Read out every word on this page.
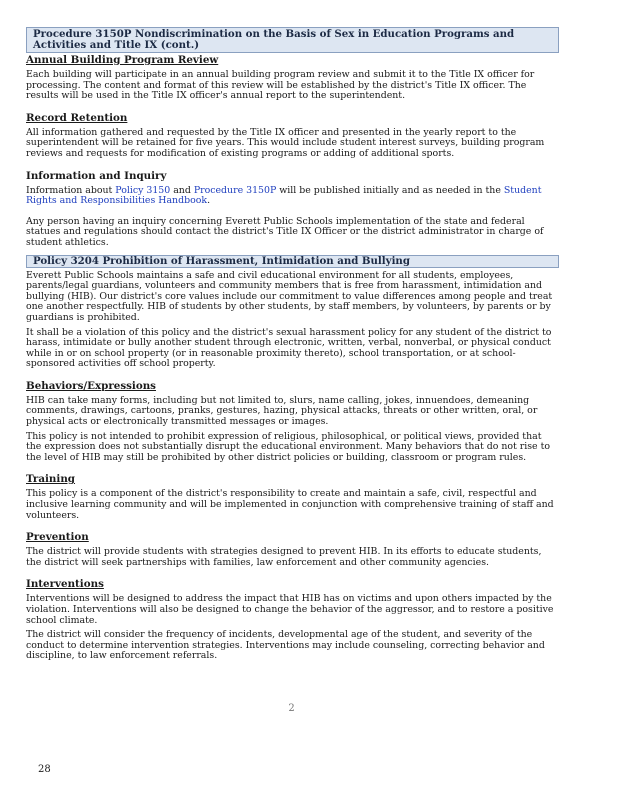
Procedure 3150P Nondiscrimination on the Basis of Sex in Education Programs and Activities and Title IX (cont.)
Annual Building Program Review

Each building will participate in an annual building program review and submit it to the Title IX officer for processing. The content and format of this review will be established by the district's Title IX officer. The results will be used in the Title IX officer's annual report to the superintendent.

Record Retention

All information gathered and requested by the Title IX officer and presented in the yearly report to the superintendent will be retained for five years. This would include student interest surveys, building program reviews and requests for modification of existing programs or adding of additional sports.

Information and Inquiry

Information about Policy 3150 and Procedure 3150P will be published initially and as needed in the Student Rights and Responsibilities Handbook.

Any person having an inquiry concerning Everett Public Schools implementation of the state and federal statues and regulations should contact the district's Title IX Officer or the district administrator in charge of student athletics.

Policy 3204 Prohibition of Harassment, Intimidation and Bullying

Everett Public Schools maintains a safe and civil educational environment for all students, employees, parents/legal guardians, volunteers and community members that is free from harassment, intimidation and bullying (HIB). Our district's core values include our commitment to value differences among people and treat one another respectfully. HIB of students by other students, by staff members, by volunteers, by parents or by guardians is prohibited.

It shall be a violation of this policy and the district's sexual harassment policy for any student of the district to harass, intimidate or bully another student through electronic, written, verbal, nonverbal, or physical conduct while in or on school property (or in reasonable proximity thereto), school transportation, or at school-sponsored activities off school property.

Behaviors/Expressions

HIB can take many forms, including but not limited to, slurs, name calling, jokes, innuendoes, demeaning comments, drawings, cartoons, pranks, gestures, hazing, physical attacks, threats or other written, oral, or physical acts or electronically transmitted messages or images.

This policy is not intended to prohibit expression of religious, philosophical, or political views, provided that the expression does not substantially disrupt the educational environment. Many behaviors that do not rise to the level of HIB may still be prohibited by other district policies or building, classroom or program rules.

Training

This policy is a component of the district's responsibility to create and maintain a safe, civil, respectful and inclusive learning community and will be implemented in conjunction with comprehensive training of staff and volunteers.

Prevention

The district will provide students with strategies designed to prevent HIB. In its efforts to educate students, the district will seek partnerships with families, law enforcement and other community agencies.

Interventions

Interventions will be designed to address the impact that HIB has on victims and upon others impacted by the violation. Interventions will also be designed to change the behavior of the aggressor, and to restore a positive school climate.

The district will consider the frequency of incidents, developmental age of the student, and severity of the conduct to determine intervention strategies. Interventions may include counseling, correcting behavior and discipline, to law enforcement referrals.

2
28
